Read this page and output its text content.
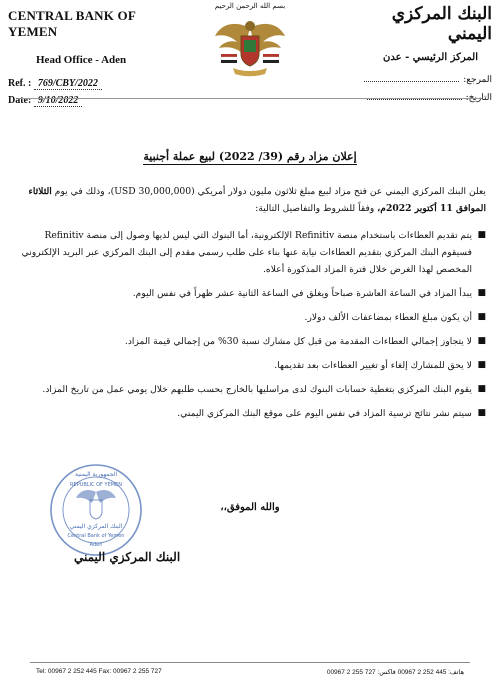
CENTRAL BANK OF YEMEN
Head Office - Aden
Ref. : 769/CBY/2022
Date: 9/10/2022
بسم الله الرحمن الرحيم	البنك المركزي اليمني
المركز الرئيسي - عدن
المرجع:
التاريخ:
إعلان مزاد رقم (39/ 2022) لبيع عملة أجنبية

يعلن البنك المركزي اليمني عن فتح مزاد لبيع مبلغ ثلاثون مليون دولار أمريكي (30,000,000 USD)، وذلك في يوم الثلاثاء الموافق 11 أكتوبر 2022م، وفقاً للشروط والتفاصيل التالية:

■
يتم تقديم العطاءات باستخدام منصة Refinitiv الإلكترونية، أما البنوك التي ليس لديها وصول إلى منصة Refinitiv فسيقوم البنك المركزي بتقديم العطاءات نيابة عنها بناء على طلب رسمي مقدم إلى البنك المركزي عبر البريد الإلكتروني المخصص لهذا الغرض خلال فترة المزاد المذكورة أعلاه.
■
يبدأ المزاد في الساعة العاشرة صباحاً ويغلق في الساعة الثانية عشر ظهراً في نفس اليوم.
■
أن يكون مبلغ العطاء بمضاعفات الألف دولار.
■
لا يتجاوز إجمالي العطاءات المقدمة من قبل كل مشارك نسبة 30% من إجمالي قيمة المزاد.
■
لا يحق للمشارك إلغاء أو تغيير العطاءات بعد تقديمها.
■
يقوم البنك المركزي بتغطية حسابات البنوك لدى مراسليها بالخارج بحسب طلبهم خلال يومي عمل من تاريخ المزاد.
■
سيتم نشر نتائج ترسية المزاد في نفس اليوم على موقع البنك المركزي اليمني.
والله الموفق،،
الجمهورية اليمنية
REPUBLIC OF YEMEN
البنك المركزي اليمني
Central Bank of Yemen
Aden
البنك المركزي اليمني
Tel: 00967 2 252 445 Fax: 00967 2 255 727	هاتف: 445 252 2 00967 فاكس: 727 255 2 00967
